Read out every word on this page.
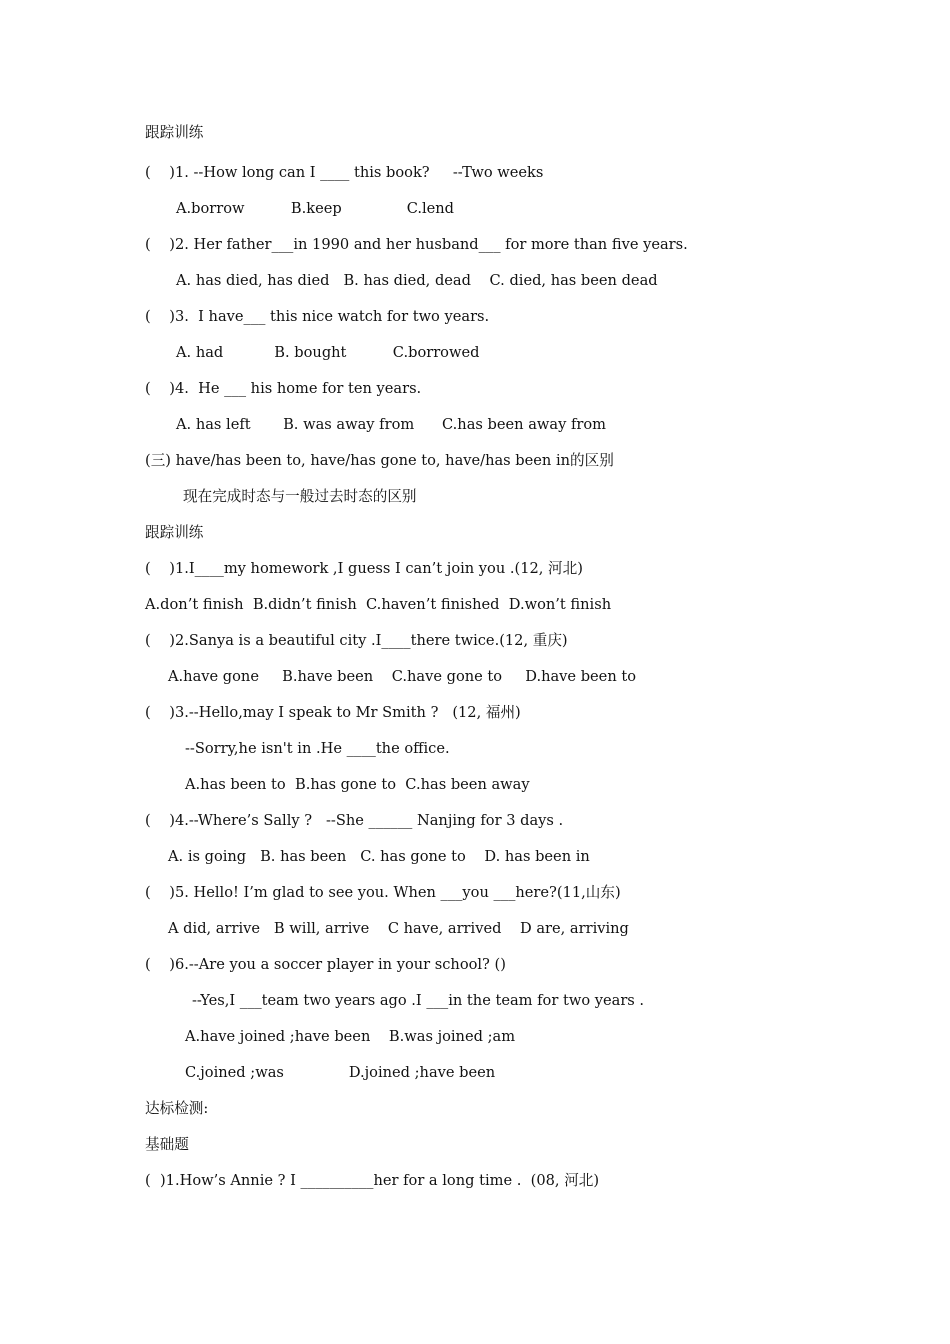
跟踪训练
(    )1. --How long can I ____ this book?     --Two weeks
A.borrow          B.keep              C.lend
(    )2. Her father___in 1990 and her husband___ for more than five years.
A. has died, has died   B. has died, dead    C. died, has been dead
(    )3.  I have___ this nice watch for two years.
A. had           B. bought          C.borrowed
(    )4.  He ___ his home for ten years.
A. has left       B. was away from      C.has been away from
(三) have/has been to, have/has gone to, have/has been in的区别
现在完成时态与一般过去时态的区别
跟踪训练
(    )1.I____my homework ,I guess I can’t join you .(12, 河北)
A.don’t finish  B.didn’t finish  C.haven’t finished  D.won’t finish
(    )2.Sanya is a beautiful city .I____there twice.(12, 重庆)
A.have gone     B.have been    C.have gone to     D.have been to
(    )3.--Hello,may I speak to Mr Smith ?   (12, 福州)
--Sorry,he isn't in .He ____the office.
A.has been to  B.has gone to  C.has been away
(    )4.--Where’s Sally ?   --She ______ Nanjing for 3 days .
A. is going   B. has been   C. has gone to    D. has been in
(    )5. Hello! I’m glad to see you. When ___you ___here?(11,山东)
A did, arrive   B will, arrive    C have, arrived    D are, arriving
(    )6.--Are you a soccer player in your school? ()
--Yes,I ___team two years ago .I ___in the team for two years .
A.have joined ;have been    B.was joined ;am
C.joined ;was              D.joined ;have been
达标检测:
基础题
(  )1.How’s Annie ? I __________her for a long time .  (08, 河北)
